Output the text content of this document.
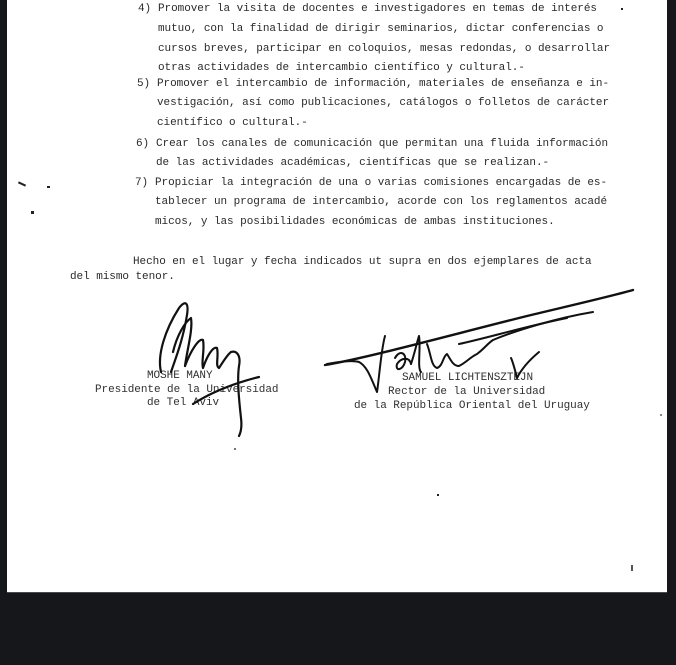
4) Promover la visita de docentes e investigadores en temas de interés
mutuo, con la finalidad de dirigir seminarios, dictar conferencias o
cursos breves, participar en coloquios, mesas redondas, o desarrollar
otras actividades de intercambio científico y cultural.-
5) Promover el intercambio de información, materiales de enseñanza e in-
vestigación, así como publicaciones, catálogos o folletos de carácter
científico o cultural.-
6) Crear los canales de comunicación que permitan una fluida información
de las actividades académicas, científicas que se realizan.-
7) Propiciar la integración de una o varias comisiones encargadas de es-
tablecer un programa de intercambio, acorde con los reglamentos acadé
micos, y las posibilidades económicas de ambas instituciones.
Hecho en el lugar y fecha indicados ut supra en dos ejemplares de acta
del mismo tenor.
MOSHE MANY
Presidente de la Universidad
de Tel Aviv
SAMUEL LICHTENSZTEJN
Rector de la Universidad
de la República Oriental del Uruguay
